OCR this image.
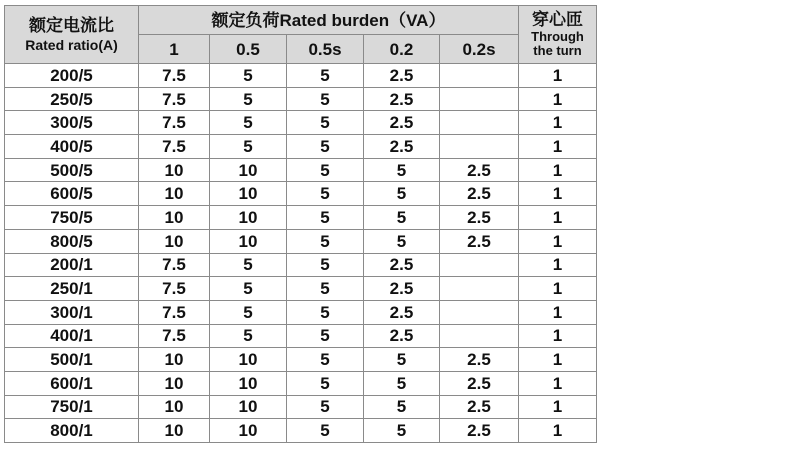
额定电流比
Rated ratio(A)	额定负荷Rated burden（VA）					穿心匝
Through
the turn

	1	0.5	0.5s	0.2	0.2s	
200/5	7.5	5	5	2.5		1
250/5	7.5	5	5	2.5		1
300/5	7.5	5	5	2.5		1
400/5	7.5	5	5	2.5		1
500/5	10	10	5	5	2.5	1
600/5	10	10	5	5	2.5	1
750/5	10	10	5	5	2.5	1
800/5	10	10	5	5	2.5	1
200/1	7.5	5	5	2.5		1
250/1	7.5	5	5	2.5		1
300/1	7.5	5	5	2.5		1
400/1	7.5	5	5	2.5		1
500/1	10	10	5	5	2.5	1
600/1	10	10	5	5	2.5	1
750/1	10	10	5	5	2.5	1
800/1	10	10	5	5	2.5	1
